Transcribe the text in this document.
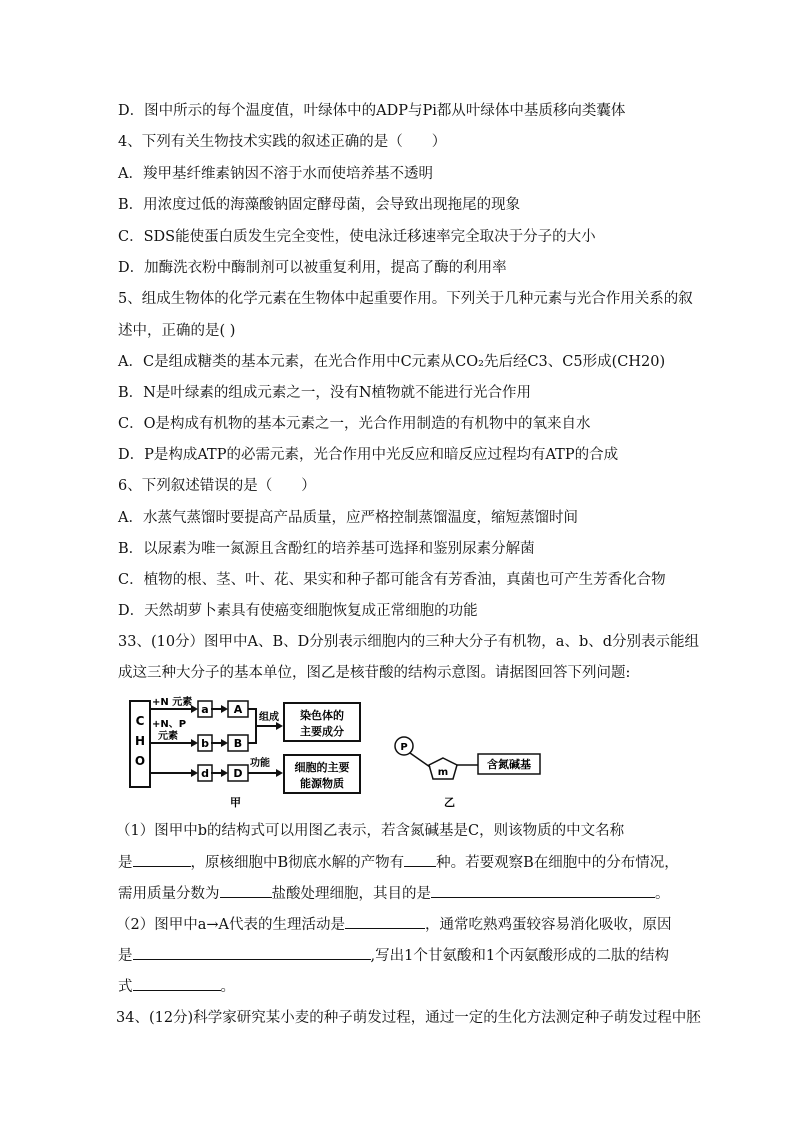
D．图中所示的每个温度值，叶绿体中的ADP与Pi都从叶绿体中基质移向类囊体
4、下列有关生物技术实践的叙述正确的是（　　）
A．羧甲基纤维素钠因不溶于水而使培养基不透明
B．用浓度过低的海藻酸钠固定酵母菌，会导致出现拖尾的现象
C．SDS能使蛋白质发生完全变性，使电泳迁移速率完全取决于分子的大小
D．加酶洗衣粉中酶制剂可以被重复利用，提高了酶的利用率
5、组成生物体的化学元素在生物体中起重要作用。下列关于几种元素与光合作用关系的叙
述中，正确的是( )
A．C是组成糖类的基本元素，在光合作用中C元素从CO₂先后经C3、C5形成(CH20)
B．N是叶绿素的组成元素之一，没有N植物就不能进行光合作用
C．O是构成有机物的基本元素之一，光合作用制造的有机物中的氧来自水
D．P是构成ATP的必需元素，光合作用中光反应和暗反应过程均有ATP的合成
6、下列叙述错误的是（　　）
A．水蒸气蒸馏时要提高产品质量，应严格控制蒸馏温度，缩短蒸馏时间
B．以尿素为唯一氮源且含酚红的培养基可选择和鉴别尿素分解菌
C．植物的根、茎、叶、花、果实和种子都可能含有芳香油，真菌也可产生芳香化合物
D．天然胡萝卜素具有使癌变细胞恢复成正常细胞的功能
33、(10分）图甲中A、B、D分别表示细胞内的三种大分子有机物，a、b、d分别表示能组
成这三种大分子的基本单位，图乙是核苷酸的结构示意图。请据图回答下列问题:
C
H
O
+N 元素
+N、P
元素
a A
b B
d D
组成
功能
染色体的
主要成分
细胞的主要
能源物质
甲
P
m
含氮碱基
乙
（1）图甲中b的结构式可以用图乙表示，若含氮碱基是C，则该物质的中文名称
是	，原核细胞中B彻底水解的产物有 种。若要观察B在细胞中的分布情况，
需用质量分数为	盐酸处理细胞，其目的是	。
（2）图甲中a→A代表的生理活动是	，通常吃熟鸡蛋较容易消化吸收，原因
是	,写出1个甘氨酸和1个丙氨酸形成的二肽的结构
式	。
34、(12分)科学家研究某小麦的种子萌发过程，通过一定的生化方法测定种子萌发过程中胚
